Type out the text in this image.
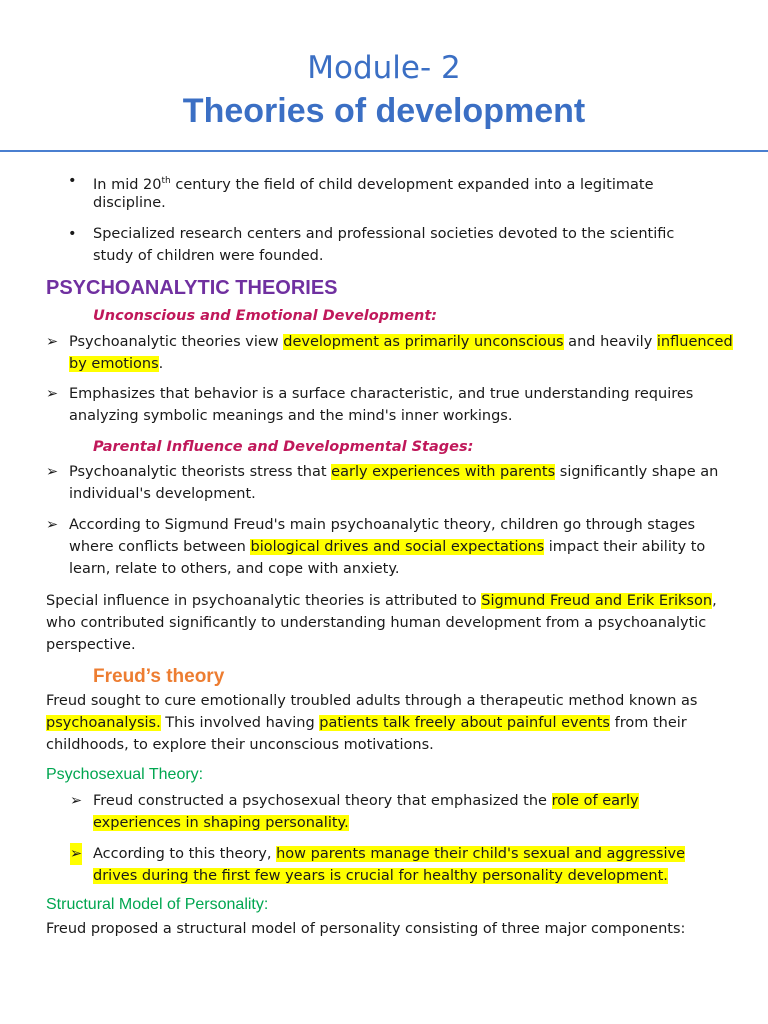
Module- 2
Theories of development
• In mid 20th century the field of child development expanded into a legitimate
discipline.
• Specialized research centers and professional societies devoted to the scientific
study of children were founded.
PSYCHOANALYTIC THEORIES
Unconscious and Emotional Development:
➢ Psychoanalytic theories view development as primarily unconscious and heavily influenced
by emotions.
➢ Emphasizes that behavior is a surface characteristic, and true understanding requires
analyzing symbolic meanings and the mind's inner workings.
Parental Influence and Developmental Stages:
➢ Psychoanalytic theorists stress that early experiences with parents significantly shape an
individual's development.
➢ According to Sigmund Freud's main psychoanalytic theory, children go through stages
where conflicts between biological drives and social expectations impact their ability to
learn, relate to others, and cope with anxiety.
Special influence in psychoanalytic theories is attributed to Sigmund Freud and Erik Erikson,
who contributed significantly to understanding human development from a psychoanalytic
perspective.
Freud’s theory
Freud sought to cure emotionally troubled adults through a therapeutic method known as
psychoanalysis. This involved having patients talk freely about painful events from their
childhoods, to explore their unconscious motivations.
Psychosexual Theory:
➢ Freud constructed a psychosexual theory that emphasized the role of early
experiences in shaping personality.
➢ According to this theory, how parents manage their child's sexual and aggressive
drives during the first few years is crucial for healthy personality development.
Structural Model of Personality:
Freud proposed a structural model of personality consisting of three major components:
